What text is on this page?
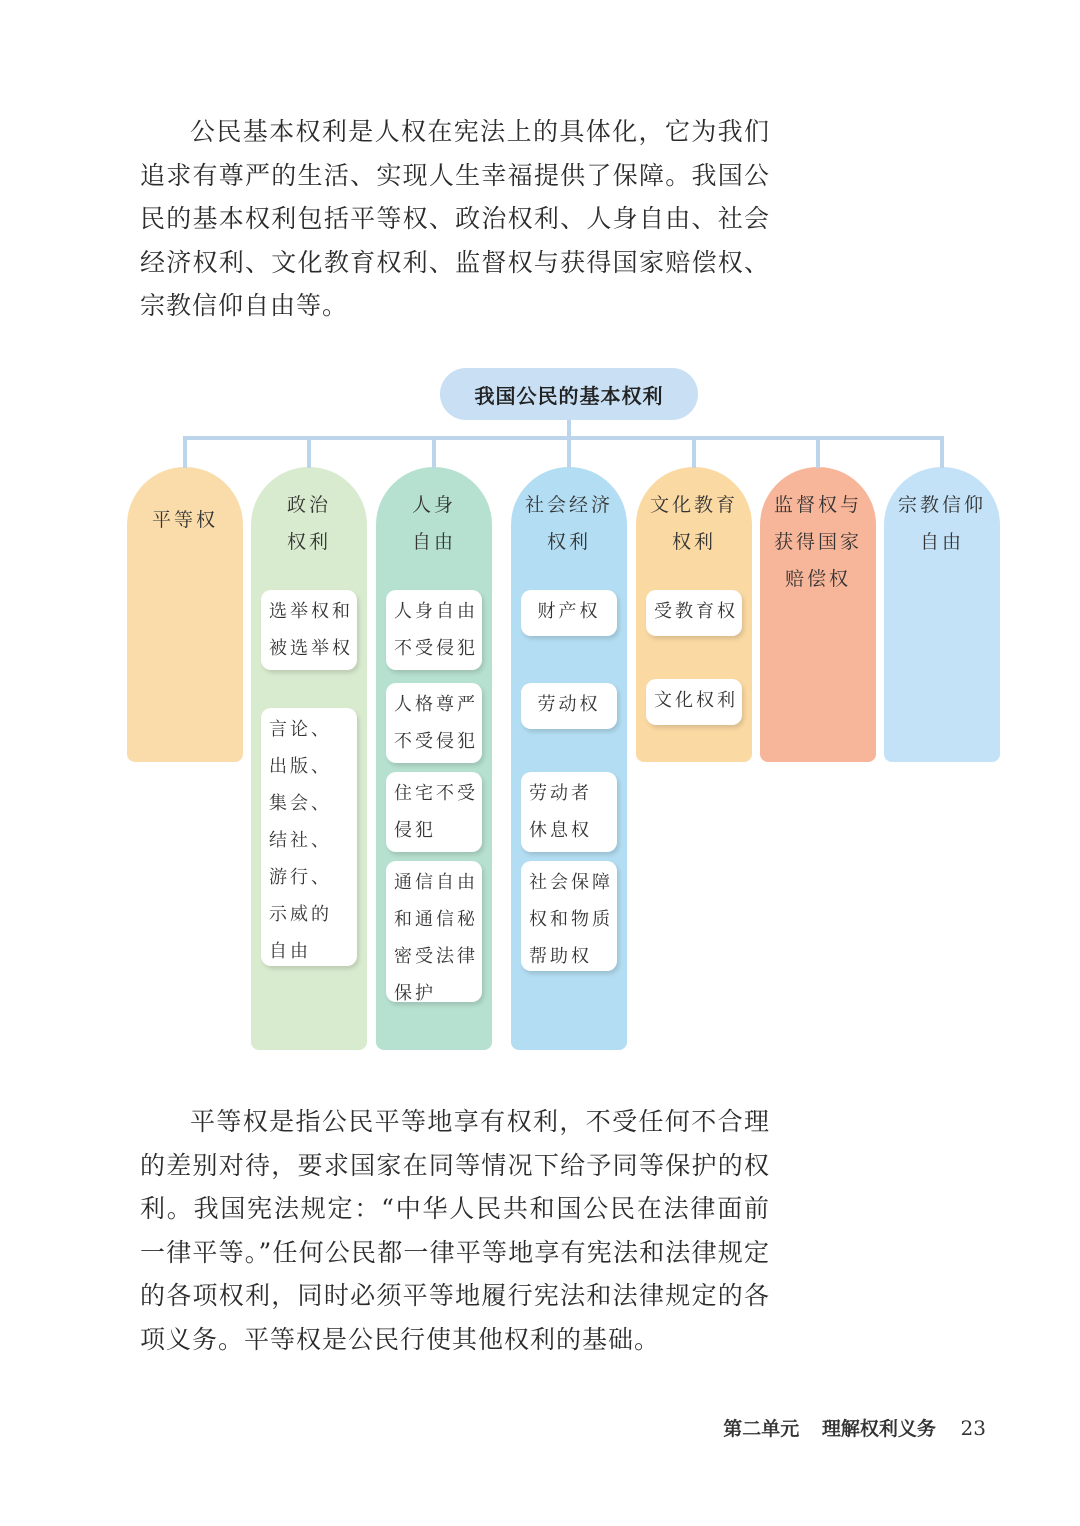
公民基本权利是人权在宪法上的具体化，它为我们追求有尊严的生活、实现人生幸福提供了保障。我国公民的基本权利包括平等权、政治权利、人身自由、社会经济权利、文化教育权利、监督权与获得国家赔偿权、宗教信仰自由等。

我国公民的基本权利
平等权
政治
权利
选举权和
被选举权
言论、
出版、
集会、
结社、
游行、
示威的
自由
人身
自由
人身自由
不受侵犯
人格尊严
不受侵犯
住宅不受
侵犯
通信自由
和通信秘
密受法律
保护
社会经济
权利
财产权
劳动权
劳动者
休息权
社会保障
权和物质
帮助权
文化教育
权利
受教育权
文化权利
监督权与
获得国家
赔偿权
宗教信仰
自由

平等权是指公民平等地享有权利，不受任何不合理的差别对待，要求国家在同等情况下给予同等保护的权利。我国宪法规定：“中华人民共和国公民在法律面前一律平等。”任何公民都一律平等地享有宪法和法律规定的各项权利，同时必须平等地履行宪法和法律规定的各项义务。平等权是公民行使其他权利的基础。

第二单元 理解权利义务 23
